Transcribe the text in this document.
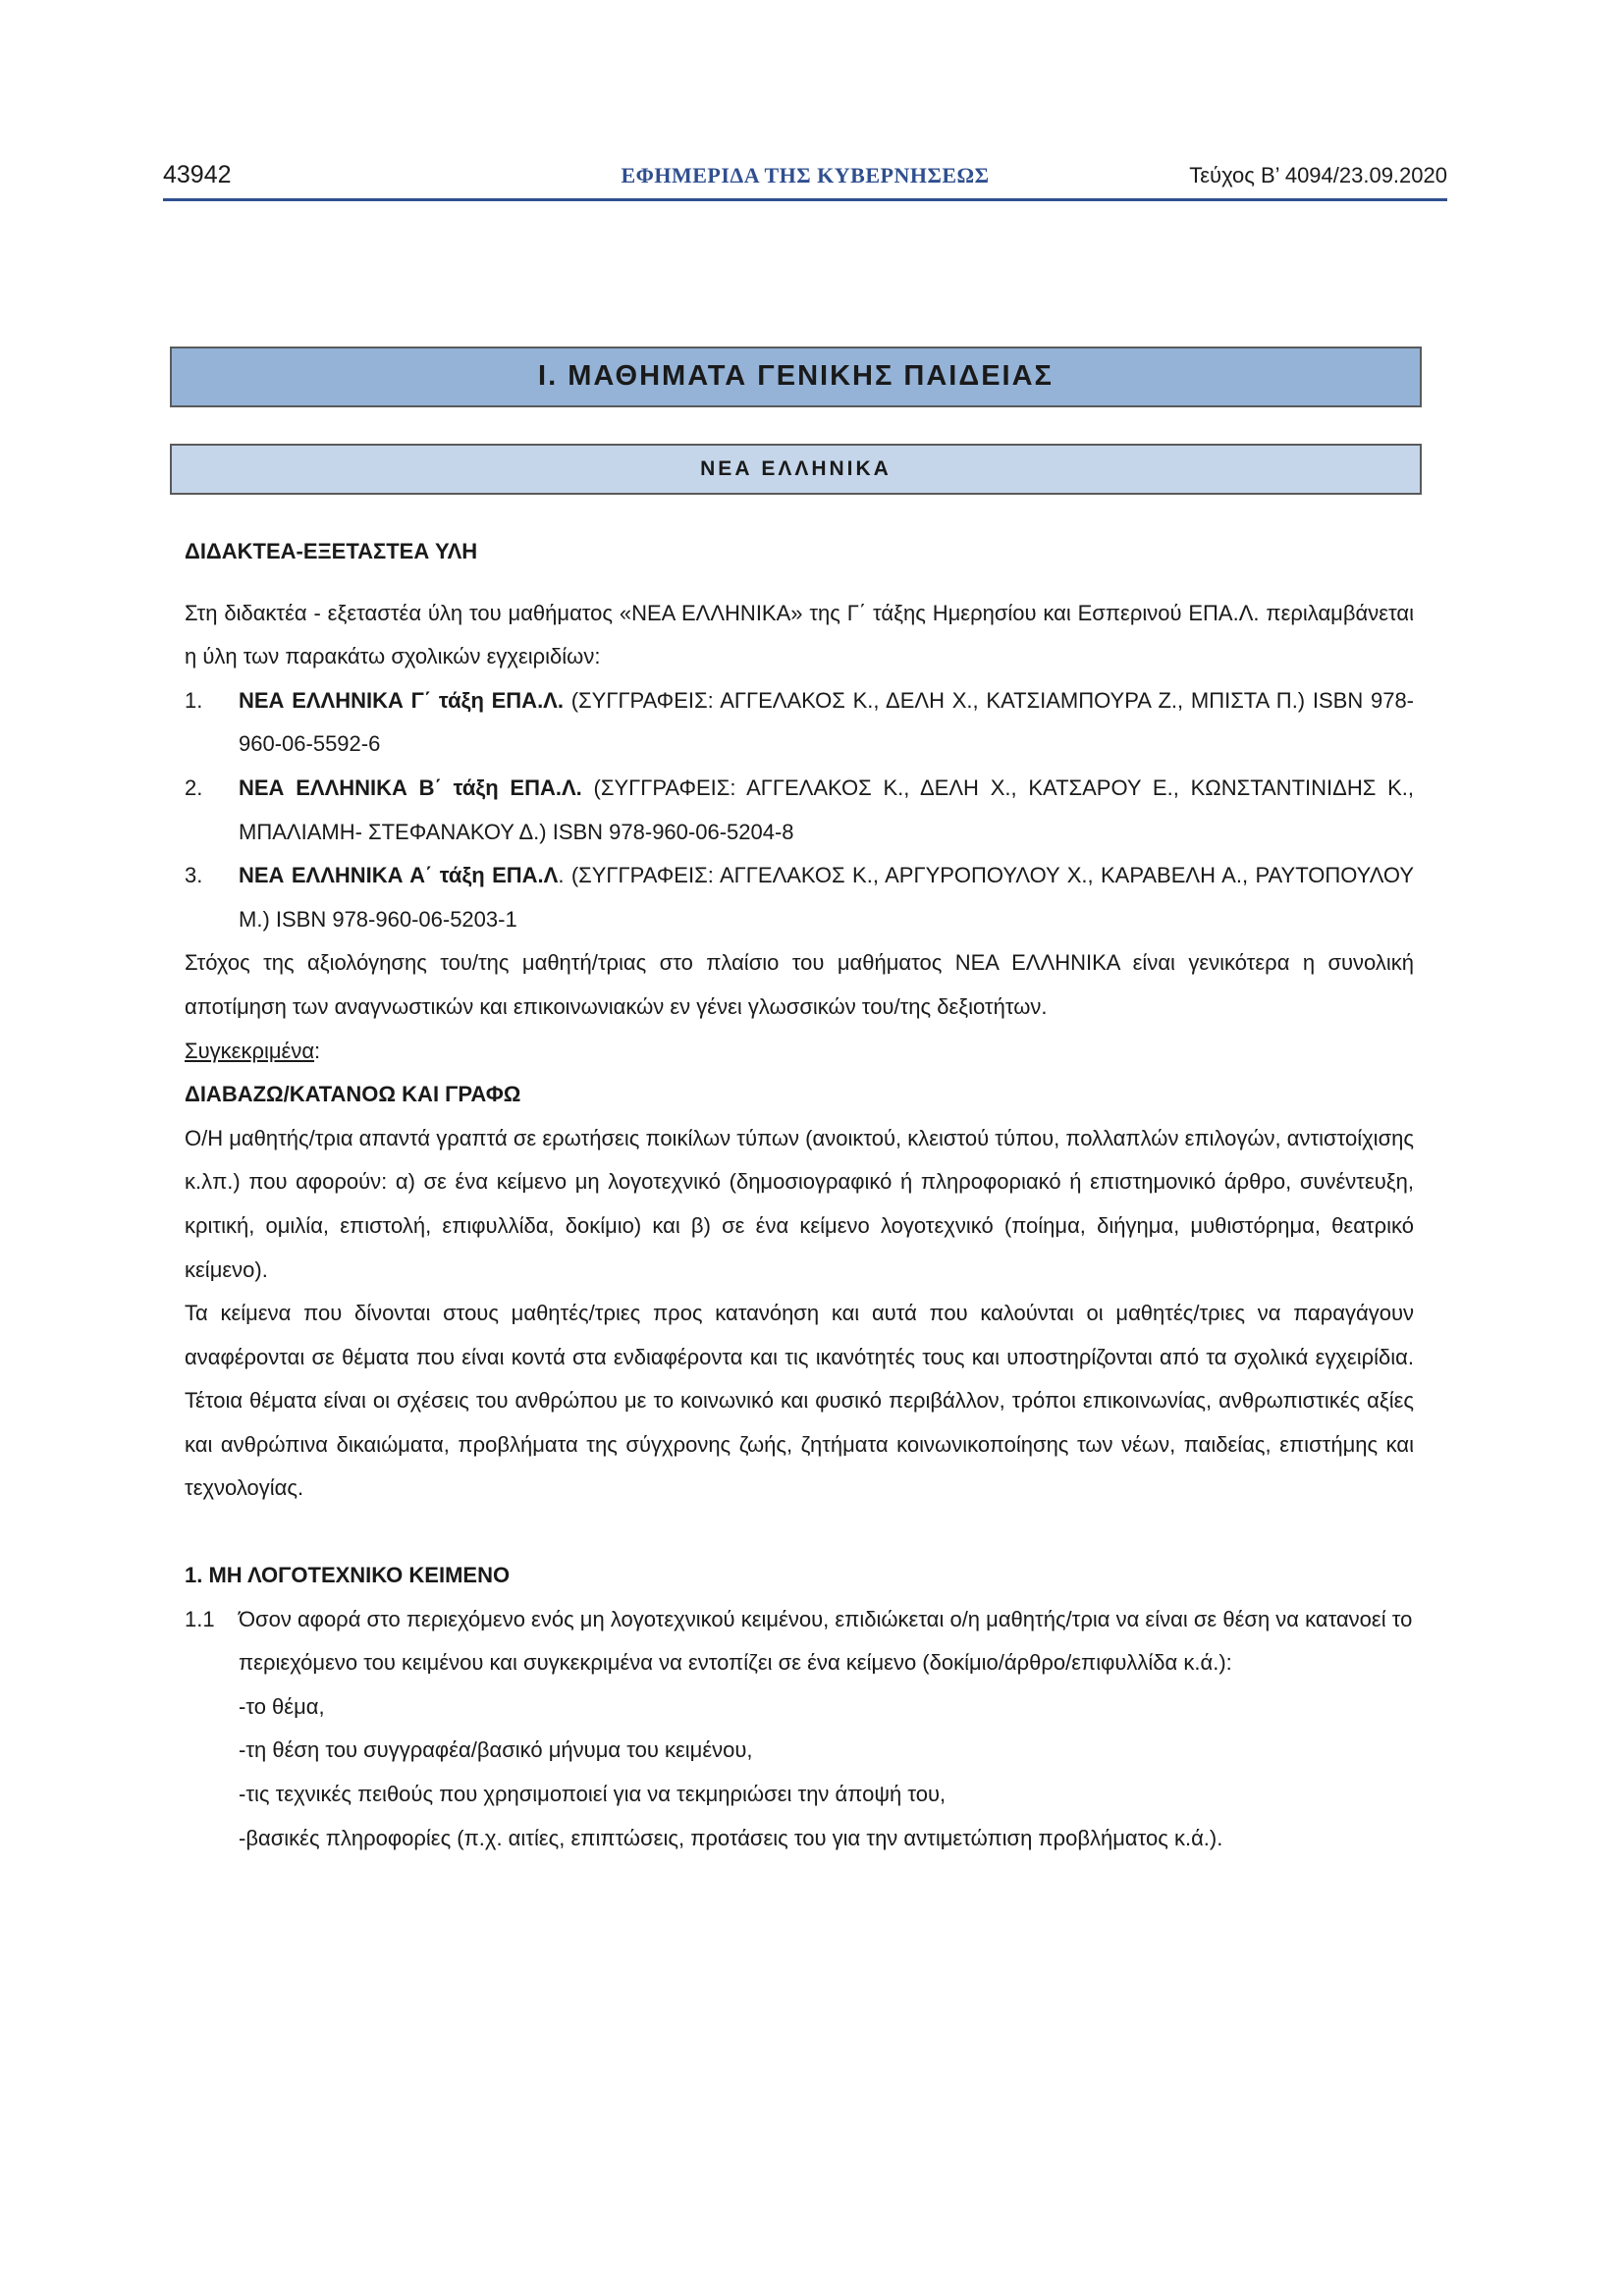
43942	ΕΦΗΜΕΡΙΔΑ ΤΗΣ ΚΥΒΕΡΝΗΣΕΩΣ	Τεύχος Β’ 4094/23.09.2020
Ι. ΜΑΘΗΜΑΤΑ ΓΕΝΙΚΗΣ ΠΑΙΔΕΙΑΣ
ΝΕΑ ΕΛΛΗΝΙΚΑ

ΔΙΔΑΚΤΕΑ-ΕΞΕΤΑΣΤΕΑ ΥΛΗ

Στη διδακτέα - εξεταστέα ύλη του μαθήματος «ΝΕΑ ΕΛΛΗΝΙΚΑ» της Γ΄ τάξης Ημερησίου και Εσπερινού ΕΠΑ.Λ. περιλαμβάνεται η ύλη των παρακάτω σχολικών εγχειριδίων:

1. ΝΕΑ ΕΛΛΗΝΙΚΑ Γ΄ τάξη ΕΠΑ.Λ. (ΣΥΓΓΡΑΦΕΙΣ: ΑΓΓΕΛΑΚΟΣ Κ., ΔΕΛΗ Χ., ΚΑΤΣΙΑΜΠΟΥΡΑ Ζ., ΜΠΙΣΤΑ Π.) ISBN 978-960-06-5592-6
2. ΝΕΑ ΕΛΛΗΝΙΚΑ Β΄ τάξη ΕΠΑ.Λ. (ΣΥΓΓΡΑΦΕΙΣ: ΑΓΓΕΛΑΚΟΣ Κ., ΔΕΛΗ Χ., ΚΑΤΣΑΡΟΥ Ε., ΚΩΝΣΤΑΝΤΙΝΙΔΗΣ Κ., ΜΠΑΛΙΑΜΗ- ΣΤΕΦΑΝΑΚΟΥ Δ.) ISBN 978-960-06-5204-8
3. ΝΕΑ ΕΛΛΗΝΙΚΑ Α΄ τάξη ΕΠΑ.Λ. (ΣΥΓΓΡΑΦΕΙΣ: ΑΓΓΕΛΑΚΟΣ Κ., ΑΡΓΥΡΟΠΟΥΛΟΥ Χ., ΚΑΡΑΒΕΛΗ Α., ΡΑΥΤΟΠΟΥΛΟΥ Μ.) ISBN 978-960-06-5203-1

Στόχος της αξιολόγησης του/της μαθητή/τριας στο πλαίσιο του μαθήματος ΝΕΑ ΕΛΛΗΝΙΚΑ είναι γενικότερα η συνολική αποτίμηση των αναγνωστικών και επικοινωνιακών εν γένει γλωσσικών του/της δεξιοτήτων.

Συγκεκριμένα:

ΔΙΑΒΑΖΩ/ΚΑΤΑΝΟΩ ΚΑΙ ΓΡΑΦΩ

Ο/Η μαθητής/τρια απαντά γραπτά σε ερωτήσεις ποικίλων τύπων (ανοικτού, κλειστού τύπου, πολλαπλών επιλογών, αντιστοίχισης κ.λπ.) που αφορούν: α) σε ένα κείμενο μη λογοτεχνικό (δημοσιογραφικό ή πληροφοριακό ή επιστημονικό άρθρο, συνέντευξη, κριτική, ομιλία, επιστολή, επιφυλλίδα, δοκίμιο) και β) σε ένα κείμενο λογοτεχνικό (ποίημα, διήγημα, μυθιστόρημα, θεατρικό κείμενο).

Τα κείμενα που δίνονται στους μαθητές/τριες προς κατανόηση και αυτά που καλούνται οι μαθητές/τριες να παραγάγουν αναφέρονται σε θέματα που είναι κοντά στα ενδιαφέροντα και τις ικανότητές τους και υποστηρίζονται από τα σχολικά εγχειρίδια. Τέτοια θέματα είναι οι σχέσεις του ανθρώπου με το κοινωνικό και φυσικό περιβάλλον, τρόποι επικοινωνίας, ανθρωπιστικές αξίες και ανθρώπινα δικαιώματα, προβλήματα της σύγχρονης ζωής, ζητήματα κοινωνικοποίησης των νέων, παιδείας, επιστήμης και τεχνολογίας.

1. ΜΗ ΛΟΓΟΤΕΧΝΙΚΟ ΚΕΙΜΕΝΟ

1.1 Όσον αφορά στο περιεχόμενο ενός μη λογοτεχνικού κειμένου, επιδιώκεται ο/η μαθητής/τρια να είναι σε θέση να κατανοεί το περιεχόμενο του κειμένου και συγκεκριμένα να εντοπίζει σε ένα κείμενο (δοκίμιο/άρθρο/επιφυλλίδα κ.ά.):

-το θέμα,

-τη θέση του συγγραφέα/βασικό μήνυμα του κειμένου,

-τις τεχνικές πειθούς που χρησιμοποιεί για να τεκμηριώσει την άποψή του,

-βασικές πληροφορίες (π.χ. αιτίες, επιπτώσεις, προτάσεις του για την αντιμετώπιση προβλήματος κ.ά.).
